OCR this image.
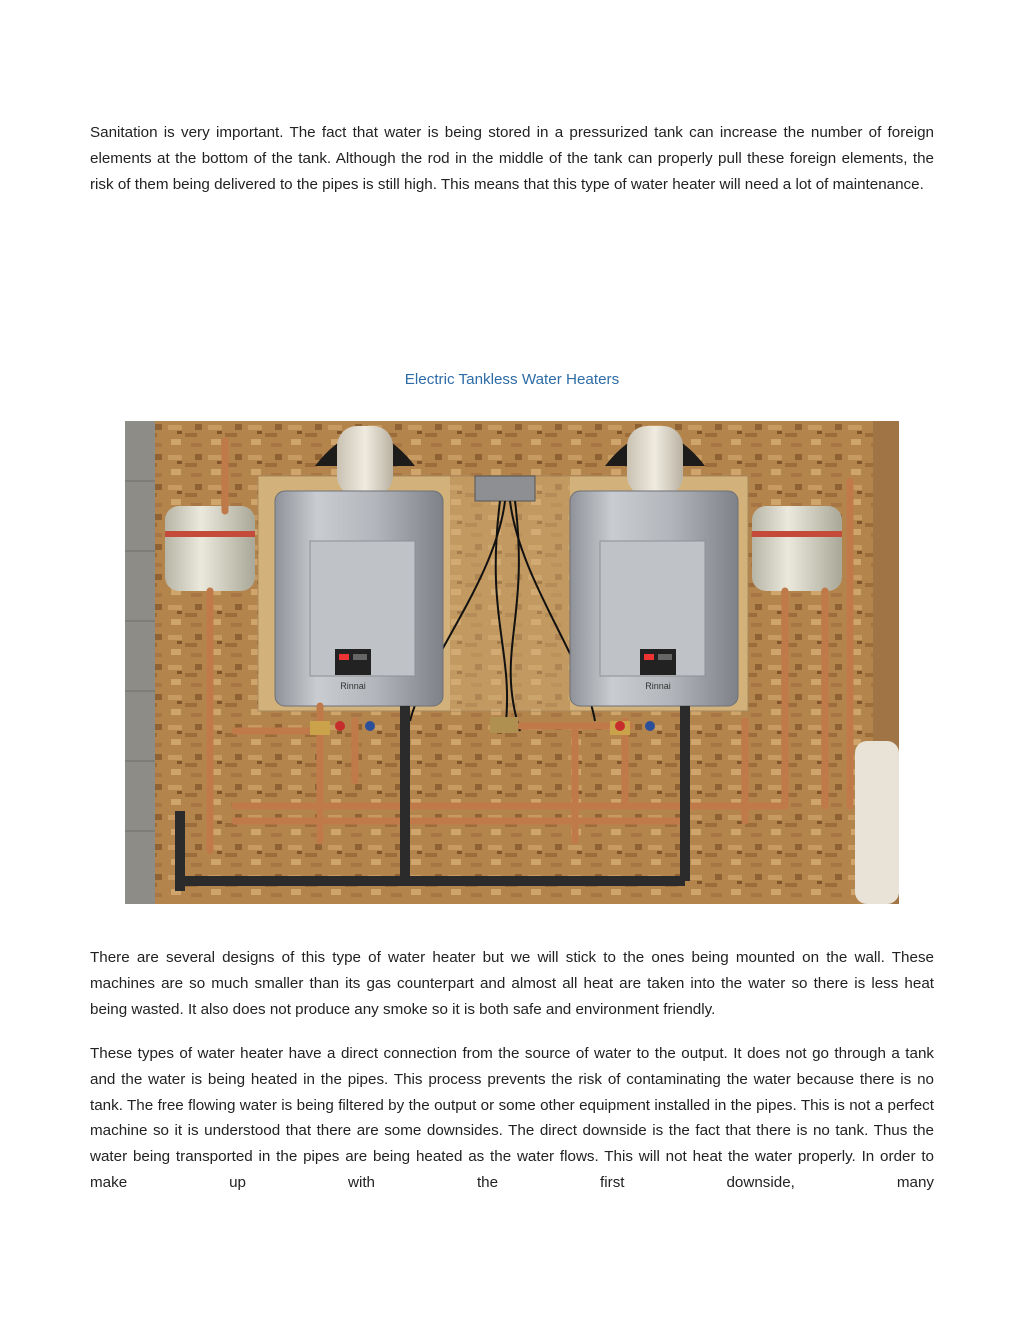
Sanitation is very important. The fact that water is being stored in a pressurized tank can increase the number of foreign elements at the bottom of the tank. Although the rod in the middle of the tank can properly pull these foreign elements, the risk of them being delivered to the pipes is still high. This means that this type of water heater will need a lot of maintenance.

Electric Tankless Water Heaters
Rinnai	Rinnai

There are several designs of this type of water heater but we will stick to the ones being mounted on the wall. These machines are so much smaller than its gas counterpart and almost all heat are taken into the water so there is less heat being wasted. It also does not produce any smoke so it is both safe and environment friendly.

These types of water heater have a direct connection from the source of water to the output. It does not go through a tank and the water is being heated in the pipes. This process prevents the risk of contaminating the water because there is no tank. The free flowing water is being filtered by the output or some other equipment installed in the pipes. This is not a perfect machine so it is understood that there are some downsides. The direct downside is the fact that there is no tank. Thus the water being transported in the pipes are being heated as the water flows. This will not heat the water properly. In order to make up with the first downside, many
